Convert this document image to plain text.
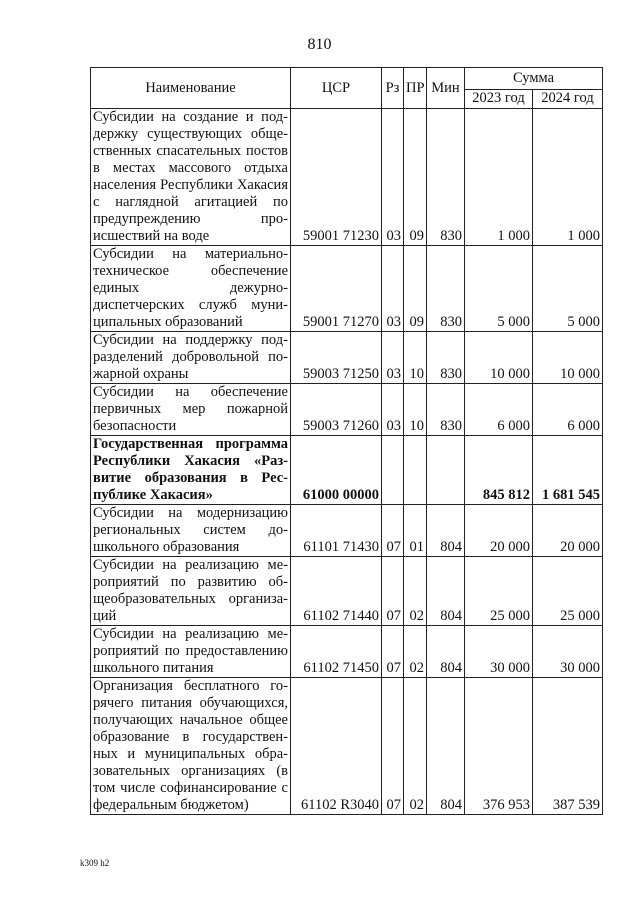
810
Наименование	ЦСР	Рз	ПР	Мин	Сумма	
					2023 год	2024 год
Субсидии на создание и поддержку существующих общественных спасательных постов в местах массового отдыха населения Республики Хакасия с наглядной агитацией по предупреждению происшествий на воде	59001 71230	03	09	830	1 000	1 000
Субсидии на материально-техническое обеспечение единых дежурно-диспетчерских служб муниципальных образований	59001 71270	03	09	830	5 000	5 000
Субсидии на поддержку подразделений добровольной пожарной охраны	59003 71250	03	10	830	10 000	10 000
Субсидии на обеспечение первичных мер пожарной безопасности	59003 71260	03	10	830	6 000	6 000
Государственная программа Республики Хакасия «Развитие образования в Республике Хакасия»	61000 00000				845 812	1 681 545
Субсидии на модернизацию региональных систем дошкольного образования	61101 71430	07	01	804	20 000	20 000
Субсидии на реализацию мероприятий по развитию общеобразовательных организаций	61102 71440	07	02	804	25 000	25 000
Субсидии на реализацию мероприятий по предоставлению школьного питания	61102 71450	07	02	804	30 000	30 000
Организация бесплатного горячего питания обучающихся, получающих начальное общее образование в государственных и муниципальных образовательных организациях (в том числе софинансирование с федеральным бюджетом)	61102 R3040	07	02	804	376 953	387 539
k309 h2
